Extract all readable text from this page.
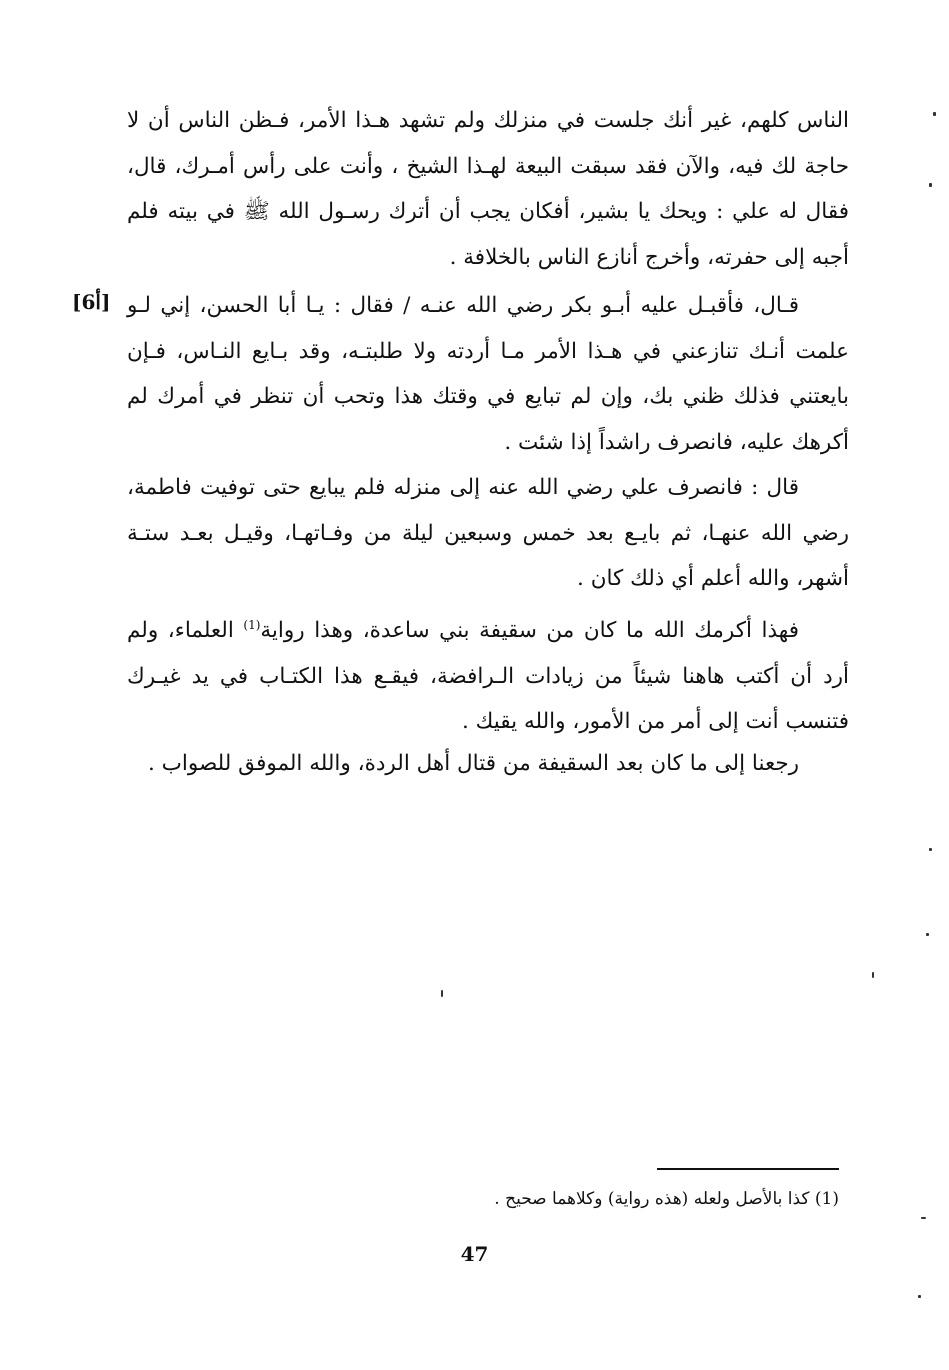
الناس كلهم، غير أنك جلست في منزلك ولم تشهد هـذا الأمر، فـظن الناس أن لا حاجة لك فيه، والآن فقد سبقت البيعة لهـذا الشيخ ، وأنت على رأس أمـرك، قال، فقال له علي : ويحك يا بشير، أفكان يجب أن أترك رسـول الله ﷺ في بيته فلم أجبه إلى حفرته، وأخرج أنازع الناس بالخلافة .

[6أ] قـال، فأقبـل عليه أبـو بكر رضي الله عنـه / فقال : يـا أبا الحسن، إني لـو علمت أنـك تنازعني في هـذا الأمر مـا أردته ولا طلبتـه، وقد بـايع النـاس، فـإن بايعتني فذلك ظني بك، وإن لم تبايع في وقتك هذا وتحب أن تنظر في أمرك لم أكرهك عليه، فانصرف راشداً إذا شئت .

قال : فانصرف علي رضي الله عنه إلى منزله فلم يبايع حتى توفيت فاطمة، رضي الله عنهـا، ثم بايـع بعد خمس وسبعين ليلة من وفـاتهـا، وقيـل بعـد ستـة أشهر، والله أعلم أي ذلك كان .

فهذا أكرمك الله ما كان من سقيفة بني ساعدة، وهذا رواية$^{(1)}$ العلماء، ولم أرد أن أكتب هاهنا شيئاً من زيادات الـرافضة، فيقـع هذا الكتـاب في يد غيـرك فتنسب أنت إلى أمر من الأمور، والله يقيك .

رجعنا إلى ما كان بعد السقيفة من قتال أهل الردة، والله الموفق للصواب .

(1) كذا بالأصل ولعله (هذه رواية) وكلاهما صحيح .
47
